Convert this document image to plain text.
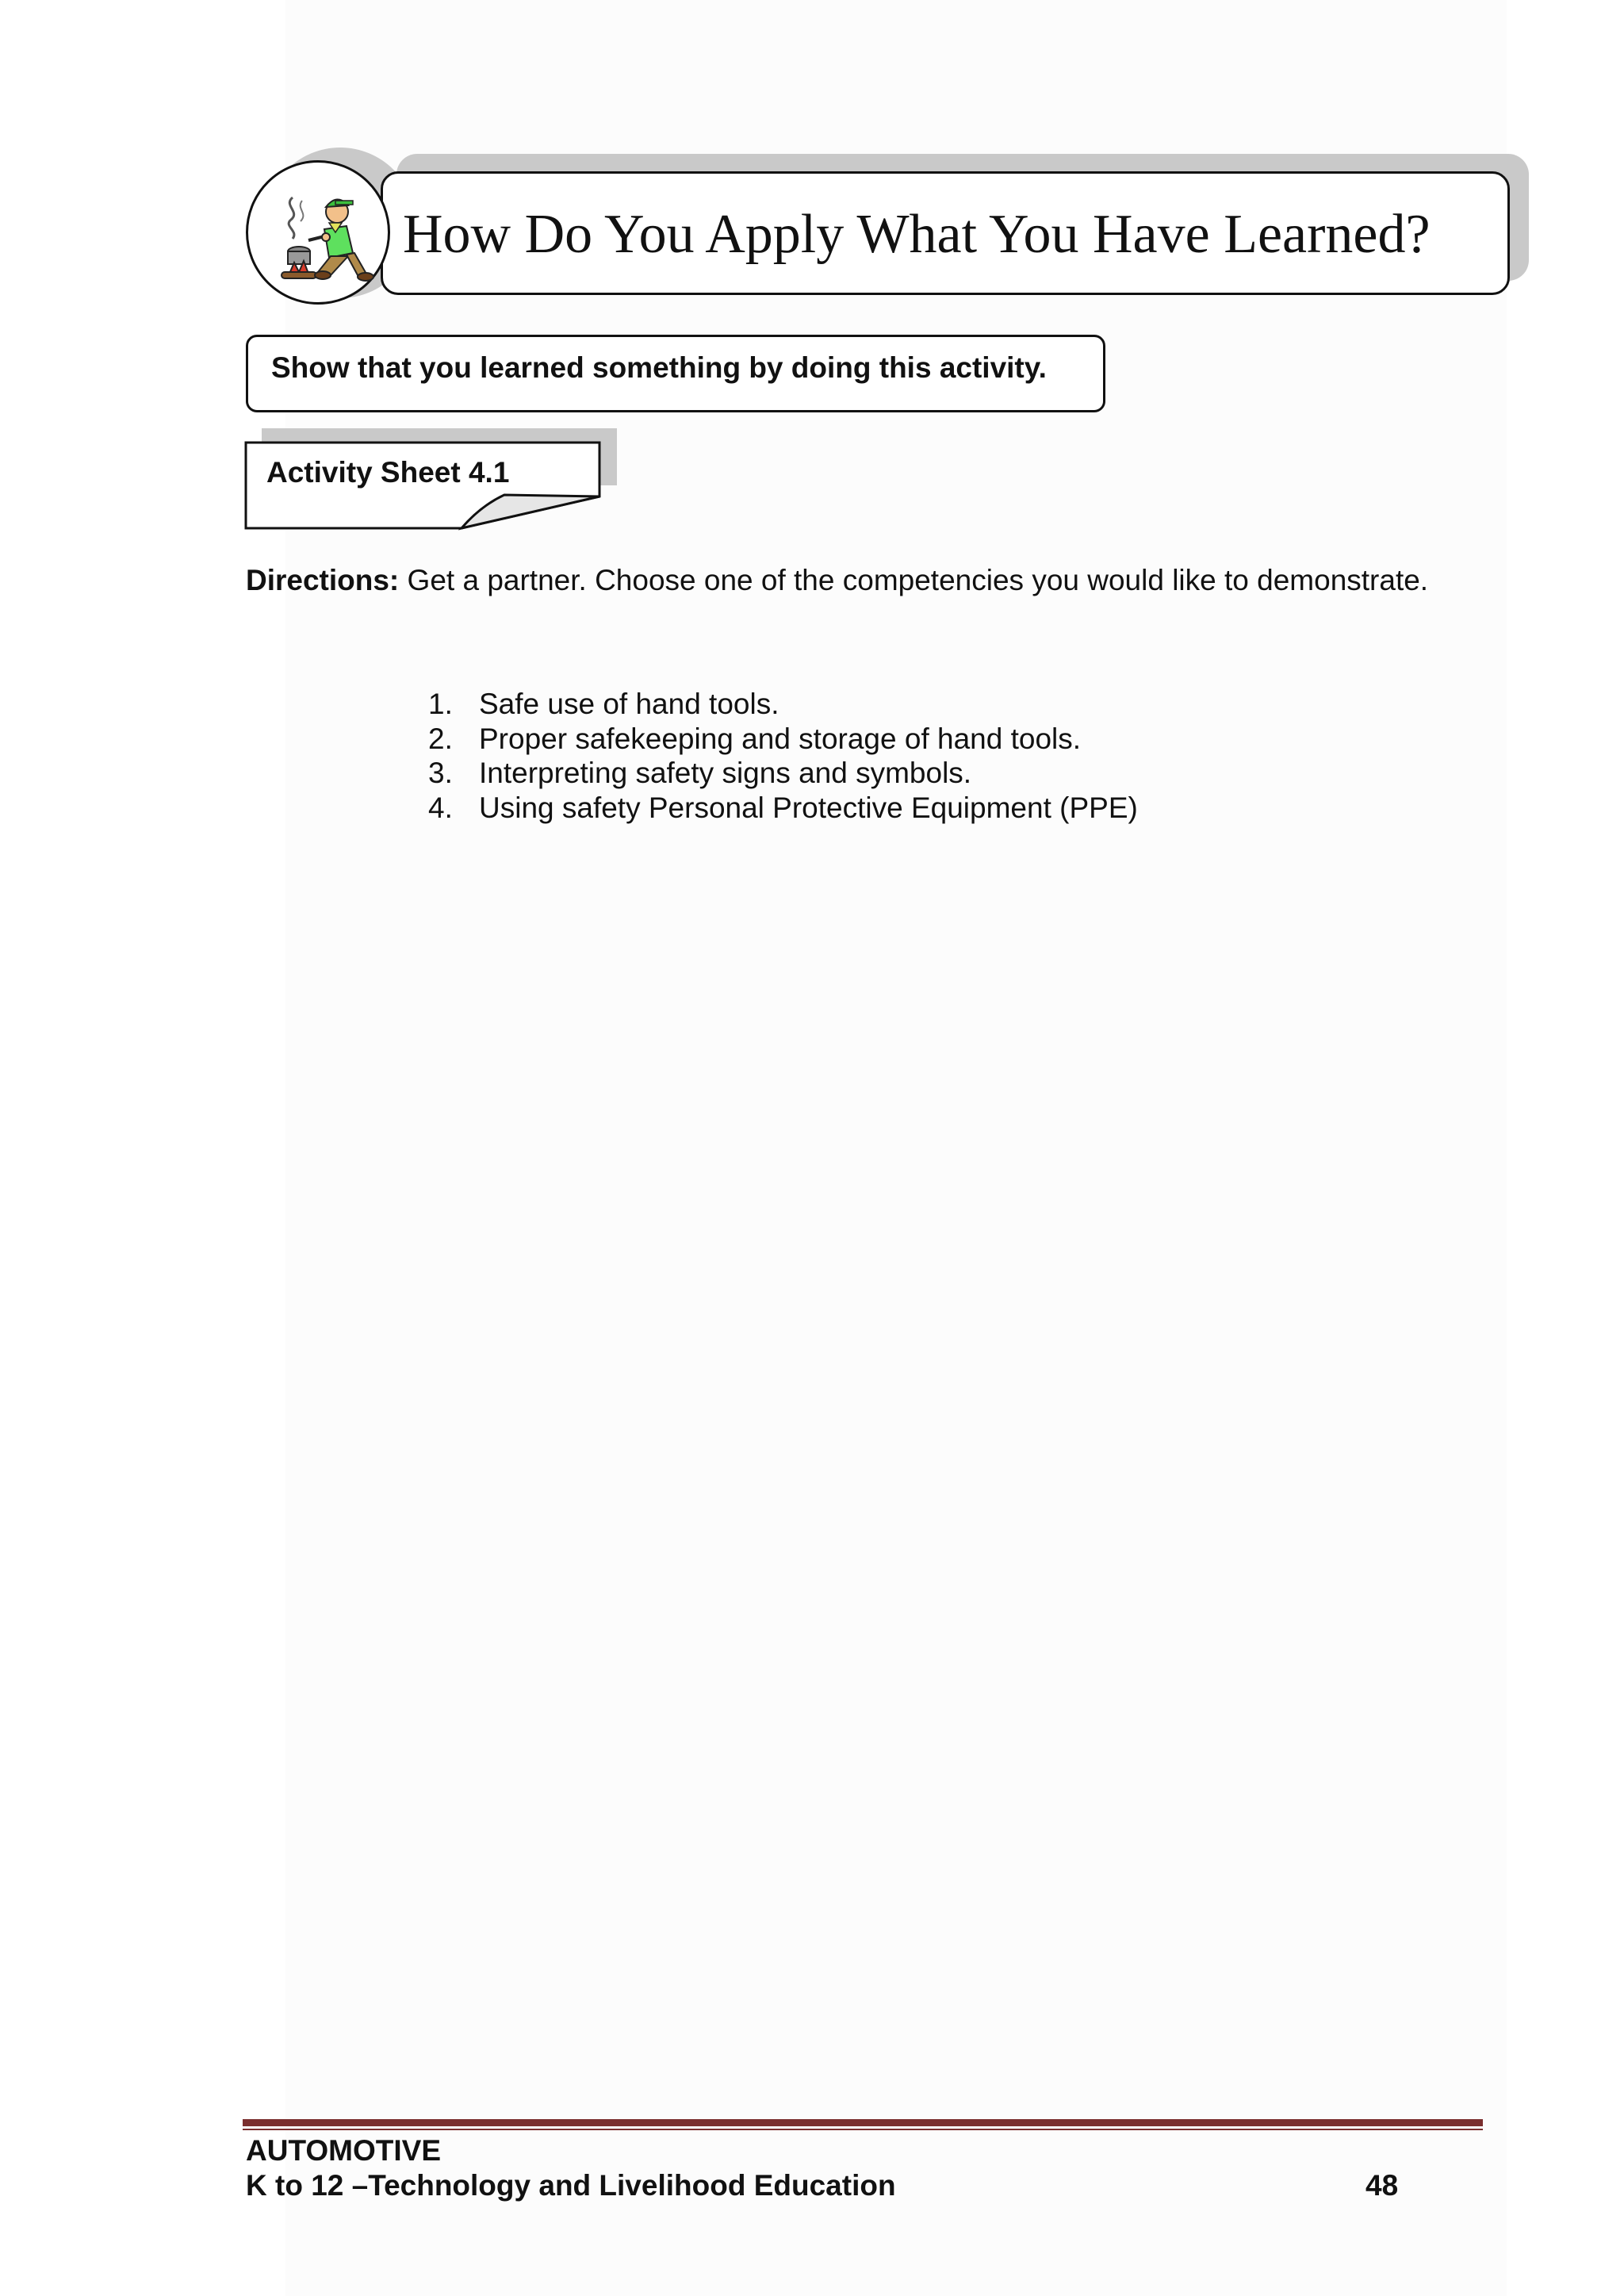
How Do You Apply What You Have Learned?
Show that you learned something by doing this activity.
Activity Sheet 4.1
Directions: Get a partner. Choose one of the competencies you would like to demonstrate.
1. Safe use of hand tools.
2. Proper safekeeping and storage of hand tools.
3. Interpreting safety signs and symbols.
4. Using safety Personal Protective Equipment (PPE)
AUTOMOTIVE
K to 12 –Technology and Livelihood Education	48
